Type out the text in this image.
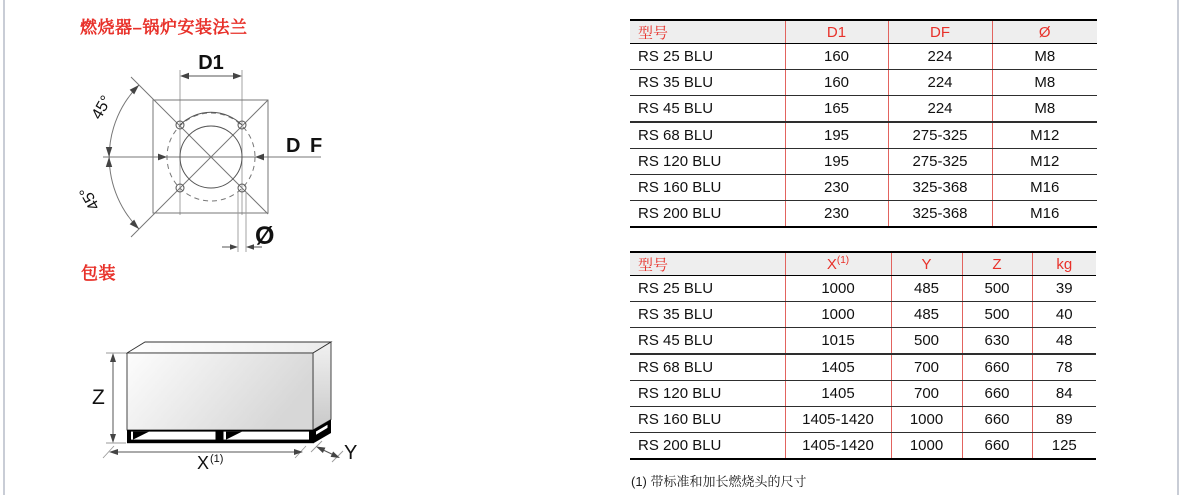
燃烧器–锅炉安装法兰
包装
D1
D F
Ø
45°
45°
Z
X (1)	Y
型号	D1	DF	Ø
RS 25 BLU	160	224	M8
RS 35 BLU	160	224	M8
RS 45 BLU	165	224	M8
RS 68 BLU	195	275-325	M12
RS 120 BLU	195	275-325	M12
RS 160 BLU	230	325-368	M16
RS 200 BLU	230	325-368	M16
型号	$X^{(1)}$	Y	Z	kg
RS 25 BLU	1000	485	500	39
RS 35 BLU	1000	485	500	40
RS 45 BLU	1015	500	630	48
RS 68 BLU	1405	700	660	78
RS 120 BLU	1405	700	660	84
RS 160 BLU	1405-1420	1000	660	89
RS 200 BLU	1405-1420	1000	660	125
(1) 带标准和加长燃烧头的尺寸
